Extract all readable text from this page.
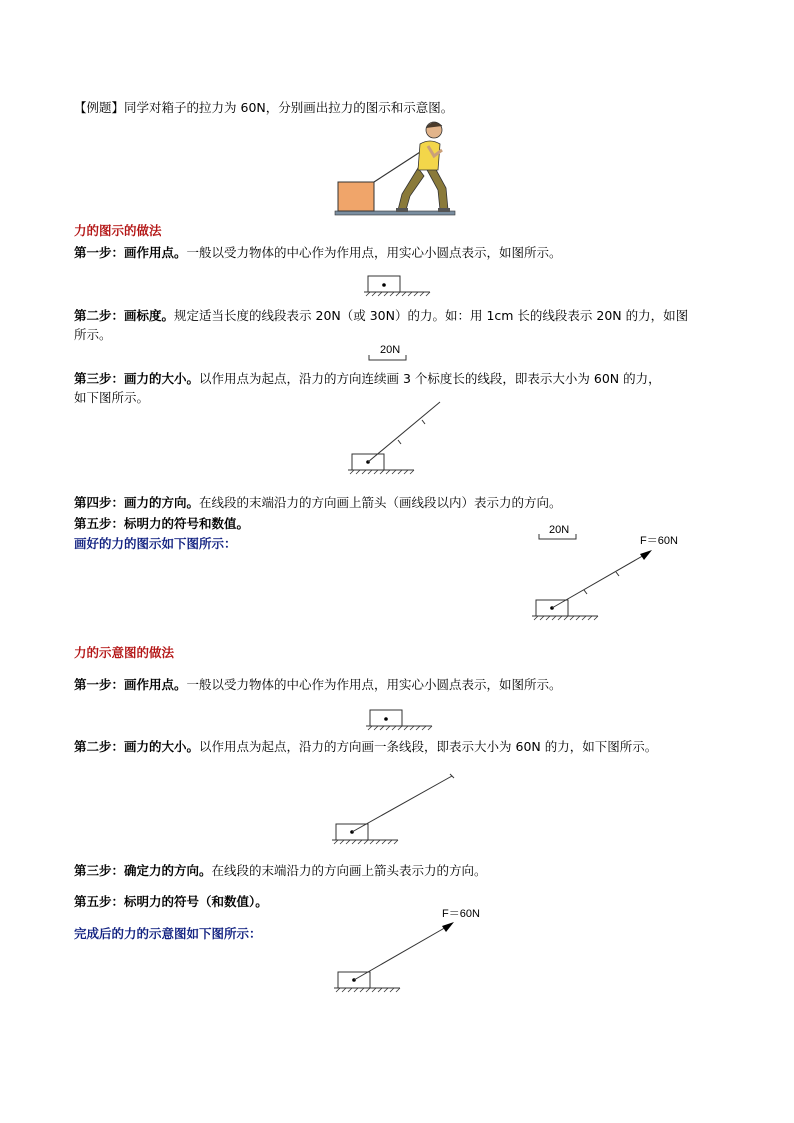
【例题】同学对箱子的拉力为 60N，分别画出拉力的图示和示意图。
力的图示的做法
第一步：画作用点。一般以受力物体的中心作为作用点，用实心小圆点表示，如图所示。
第二步：画标度。规定适当长度的线段表示 20N（或 30N）的力。如：用 1cm 长的线段表示 20N 的力，如图
所示。
20N
第三步：画力的大小。以作用点为起点，沿力的方向连续画 3 个标度长的线段，即表示大小为 60N 的力，
如下图所示。
第四步：画力的方向。在线段的末端沿力的方向画上箭头（画线段以内）表示力的方向。
第五步：标明力的符号和数值。
画好的力的图示如下图所示：
20N
F＝60N
力的示意图的做法
第一步：画作用点。一般以受力物体的中心作为作用点，用实心小圆点表示，如图所示。
第二步：画力的大小。以作用点为起点，沿力的方向画一条线段，即表示大小为 60N 的力，如下图所示。
第三步：确定力的方向。在线段的末端沿力的方向画上箭头表示力的方向。
第五步：标明力的符号（和数值）。
F＝60N
完成后的力的示意图如下图所示：
